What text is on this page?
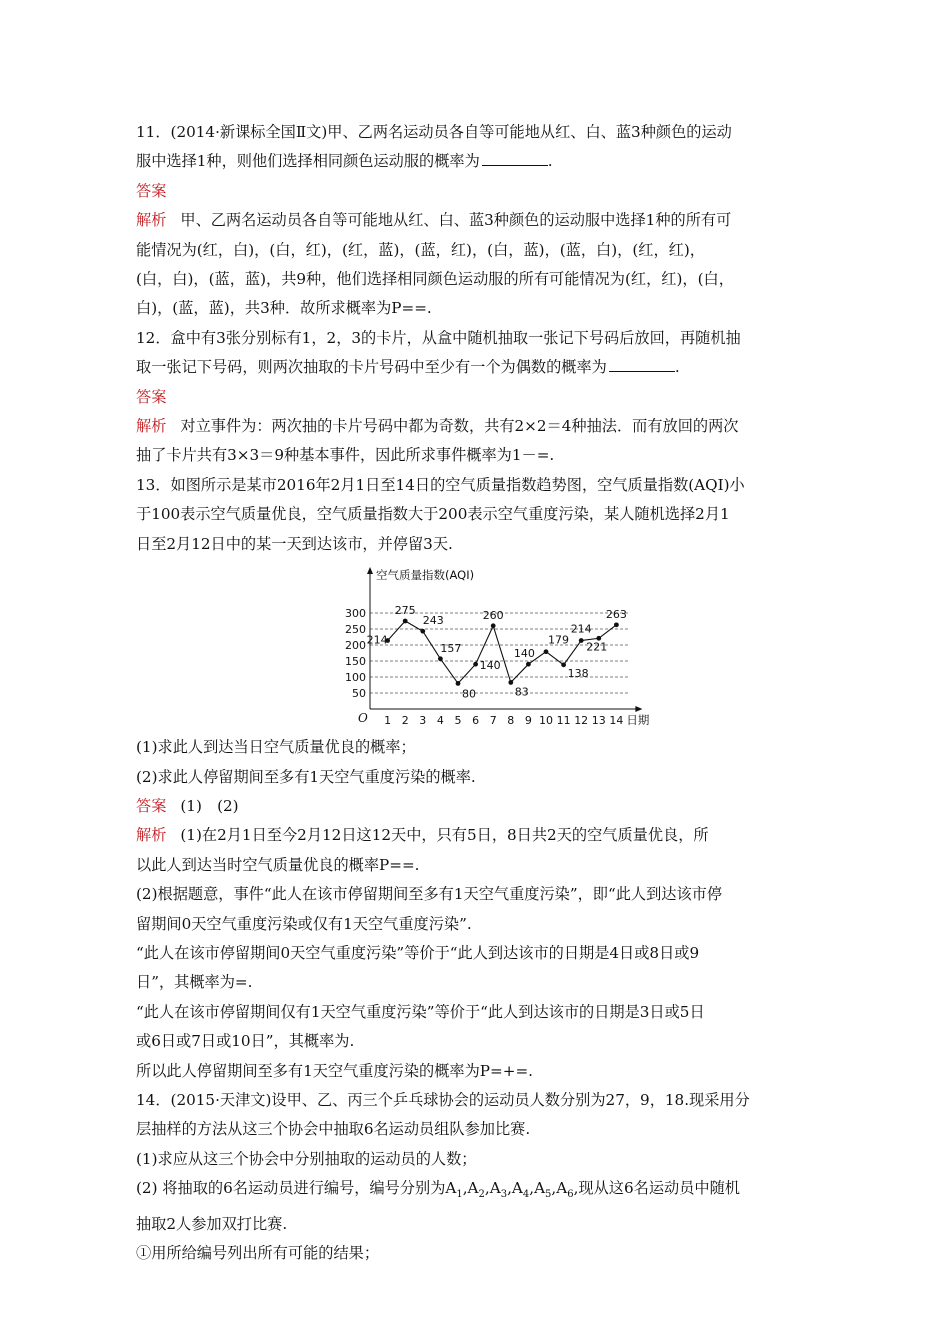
11．(2014·新课标全国Ⅱ文)甲、乙两名运动员各自等可能地从红、白、蓝3种颜色的运动
服中选择1种，则他们选择相同颜色运动服的概率为	.
答案
解析 甲、乙两名运动员各自等可能地从红、白、蓝3种颜色的运动服中选择1种的所有可
能情况为(红，白)，(白，红)，(红，蓝)，(蓝，红)，(白，蓝)，(蓝，白)，(红，红)，
(白，白)，(蓝，蓝)，共9种，他们选择相同颜色运动服的所有可能情况为(红，红)，(白，
白)，(蓝，蓝)，共3种．故所求概率为P==.
12．盒中有3张分别标有1，2，3的卡片，从盒中随机抽取一张记下号码后放回，再随机抽
取一张记下号码，则两次抽取的卡片号码中至少有一个为偶数的概率为	.
答案
解析 对立事件为：两次抽的卡片号码中都为奇数，共有2×2＝4种抽法．而有放回的两次
抽了卡片共有3×3＝9种基本事件，因此所求事件概率为1－=.
13．如图所示是某市2016年2月1日至14日的空气质量指数趋势图，空气质量指数(AQI)小
于100表示空气质量优良，空气质量指数大于200表示空气重度污染，某人随机选择2月1
日至2月12日中的某一天到达该市，并停留3天.
50
100
150
200
250
300
空气质量指数(AQI)
日期
O 1 2 3 4 5 6 7 8 9 10 11 12 13 14
214
275
243
157
80
140
260
83
140
179
138
214
221
263
(1)求此人到达当日空气质量优良的概率；
(2)求此人停留期间至多有1天空气重度污染的概率.
答案 (1)　(2)
解析 (1)在2月1日至今2月12日这12天中，只有5日，8日共2天的空气质量优良，所
以此人到达当时空气质量优良的概率P==.
(2)根据题意，事件“此人在该市停留期间至多有1天空气重度污染”，即“此人到达该市停
留期间0天空气重度污染或仅有1天空气重度污染”.
“此人在该市停留期间0天空气重度污染”等价于“此人到达该市的日期是4日或8日或9
日”，其概率为=.
“此人在该市停留期间仅有1天空气重度污染”等价于“此人到达该市的日期是3日或5日
或6日或7日或10日”，其概率为.
所以此人停留期间至多有1天空气重度污染的概率为P=+=.
14．(2015·天津文)设甲、乙、丙三个乒乓球协会的运动员人数分别为27，9，18.现采用分
层抽样的方法从这三个协会中抽取6名运动员组队参加比赛.
(1)求应从这三个协会中分别抽取的运动员的人数；
(2) 将抽取的6名运动员进行编号，编号分别为$A_1,A_2,A_3,A_4,A_5,A_6$,现从这6名运动员中随机
抽取2人参加双打比赛.
①用所给编号列出所有可能的结果；
